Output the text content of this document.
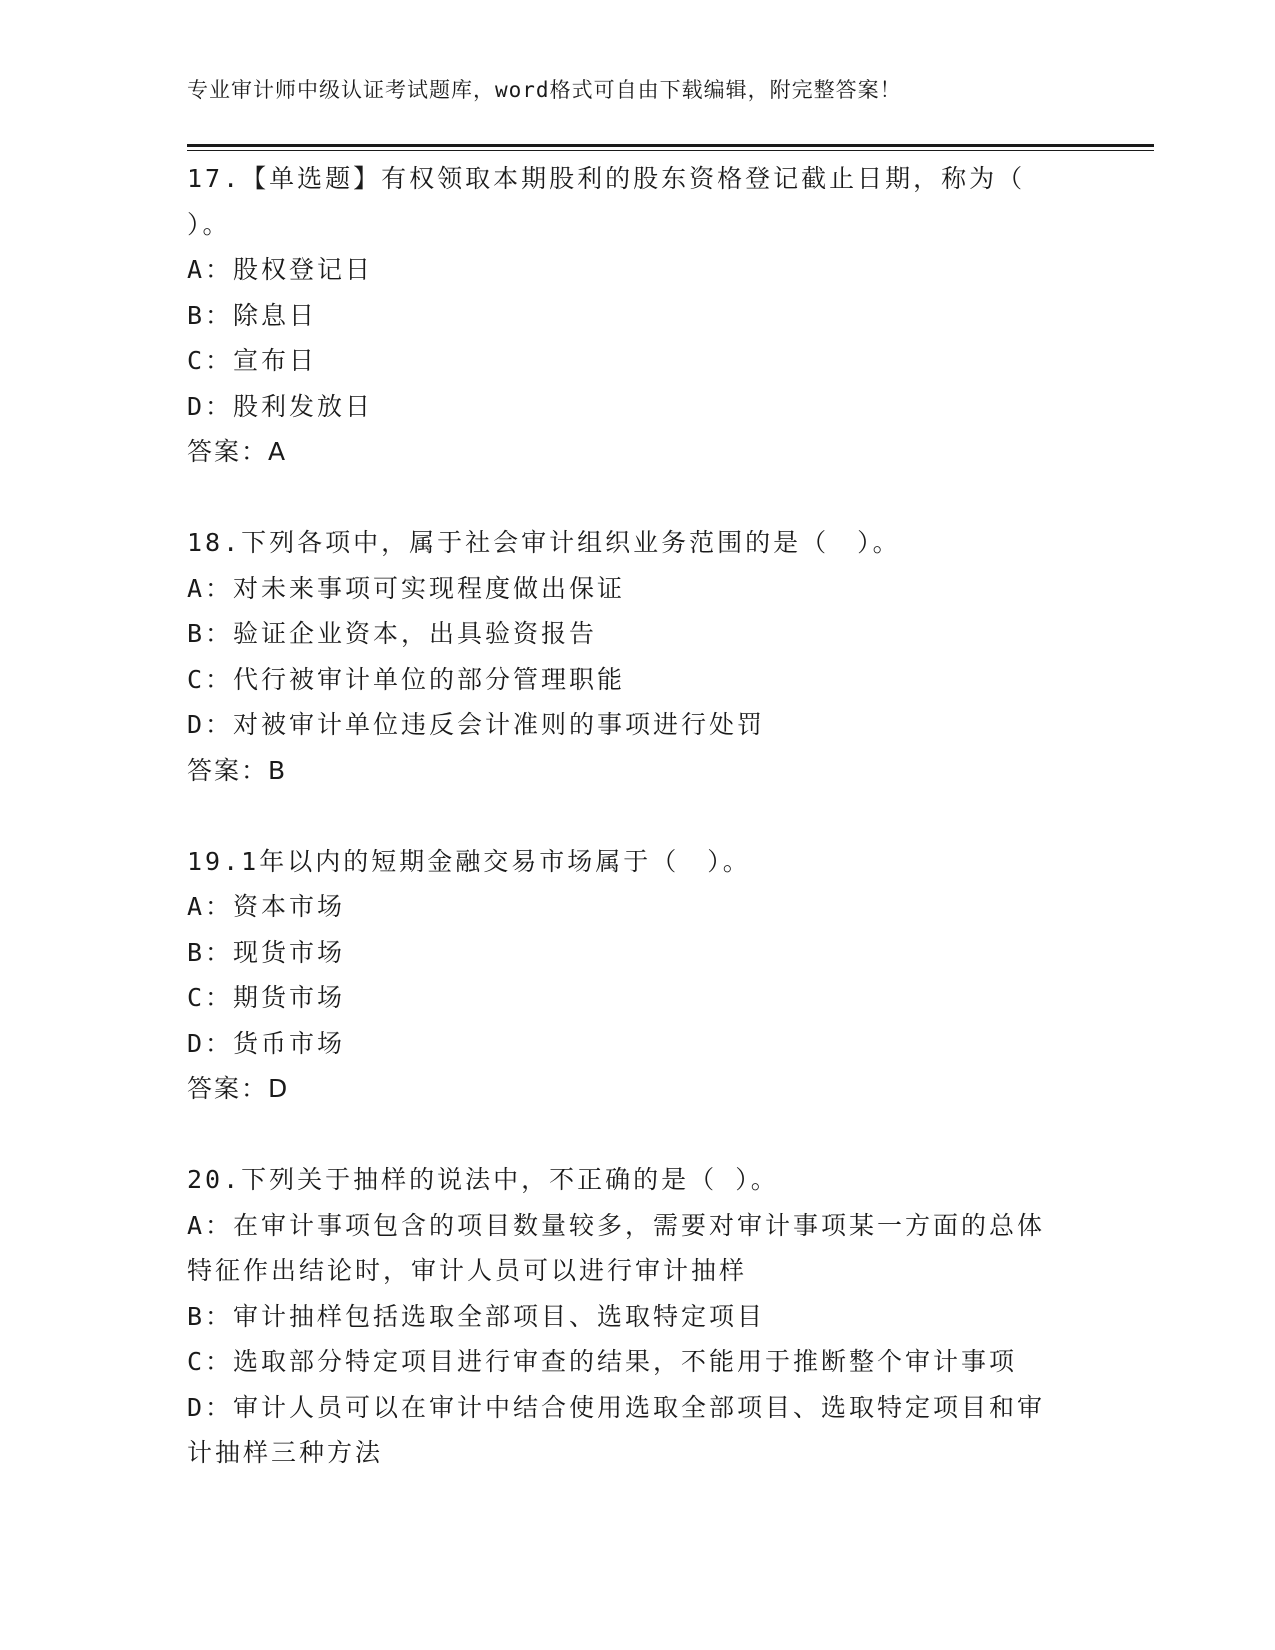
专业审计师中级认证考试题库，word格式可自由下载编辑，附完整答案！
17.【单选题】有权领取本期股利的股东资格登记截止日期，称为（
）。
A：股权登记日
B：除息日
C：宣布日
D：股利发放日
答案：A
18.下列各项中，属于社会审计组织业务范围的是（　）。
A：对未来事项可实现程度做出保证
B：验证企业资本，出具验资报告
C：代行被审计单位的部分管理职能
D：对被审计单位违反会计准则的事项进行处罚
答案：B
19.1年以内的短期金融交易市场属于（　）。
A：资本市场
B：现货市场
C：期货市场
D：货币市场
答案：D
20.下列关于抽样的说法中，不正确的是（ ）。
A：在审计事项包含的项目数量较多，需要对审计事项某一方面的总体
特征作出结论时，审计人员可以进行审计抽样
B：审计抽样包括选取全部项目、选取特定项目
C：选取部分特定项目进行审查的结果，不能用于推断整个审计事项
D：审计人员可以在审计中结合使用选取全部项目、选取特定项目和审
计抽样三种方法
